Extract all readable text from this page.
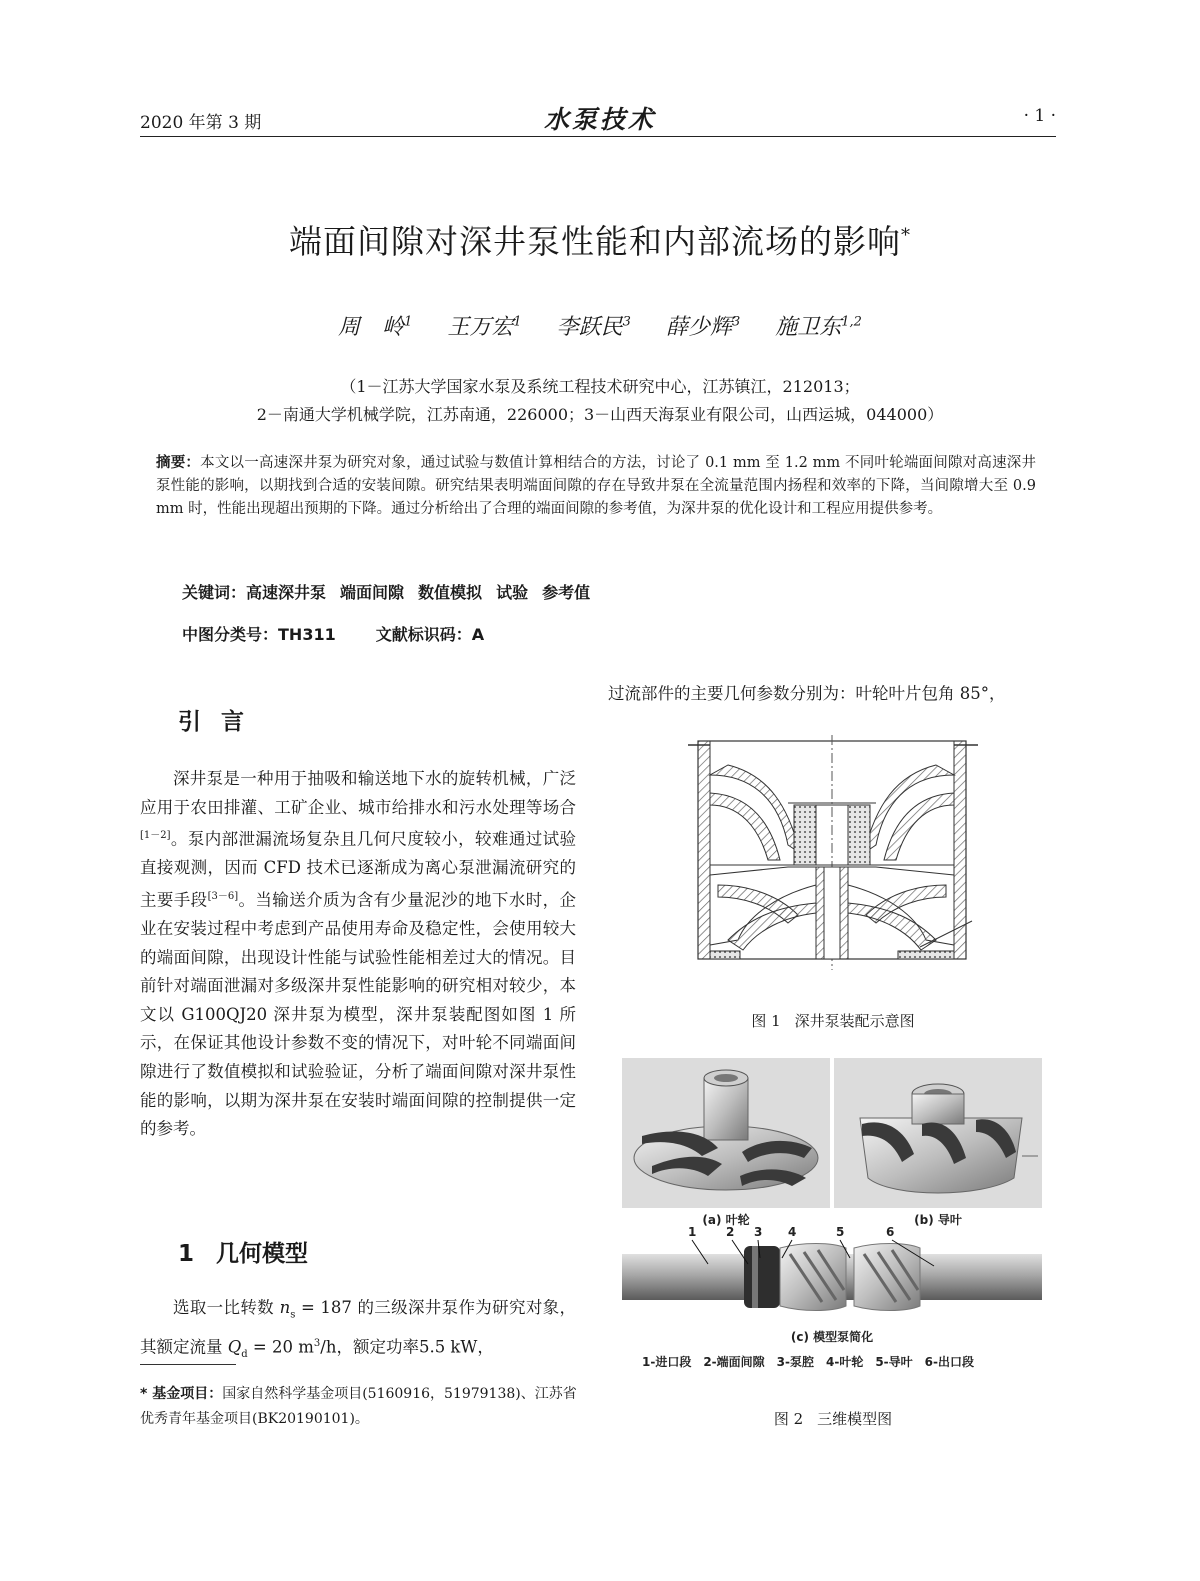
2020 年第 3 期	水泵技术	· 1 ·
端面间隙对深井泵性能和内部流场的影响*
周　岭$^1$ 王万宏$^1$ 李跃民$^3$ 薛少辉$^3$ 施卫东$^{1,2}$
（1－江苏大学国家水泵及系统工程技术研究中心，江苏镇江，212013；
2－南通大学机械学院，江苏南通，226000；3－山西天海泵业有限公司，山西运城，044000）
摘要：本文以一高速深井泵为研究对象，通过试验与数值计算相结合的方法，讨论了 0.1 mm 至 1.2 mm 不同叶轮端面间隙对高速深井泵性能的影响，以期找到合适的安装间隙。研究结果表明端面间隙的存在导致井泵在全流量范围内扬程和效率的下降，当间隙增大至 0.9 mm 时，性能出现超出预期的下降。通过分析给出了合理的端面间隙的参考值，为深井泵的优化设计和工程应用提供参考。
关键词：高速深井泵 端面间隙 数值模拟 试验 参考值
中图分类号：TH311	文献标识码：A
引言

深井泵是一种用于抽吸和输送地下水的旋转机械，广泛应用于农田排灌、工矿企业、城市给排水和污水处理等场合[1－2]。泵内部泄漏流场复杂且几何尺度较小，较难通过试验直接观测，因而 CFD 技术已逐渐成为离心泵泄漏流研究的主要手段[3－6]。当输送介质为含有少量泥沙的地下水时，企业在安装过程中考虑到产品使用寿命及稳定性，会使用较大的端面间隙，出现设计性能与试验性能相差过大的情况。目前针对端面泄漏对多级深井泵性能影响的研究相对较少，本文以 G100QJ20 深井泵为模型，深井泵装配图如图 1 所示，在保证其他设计参数不变的情况下，对叶轮不同端面间隙进行了数值模拟和试验验证，分析了端面间隙对深井泵性能的影响，以期为深井泵在安装时端面间隙的控制提供一定的参考。

1 几何模型

选取一比转数 $n_s = 187$ 的三级深井泵作为研究对象，其额定流量 $Q_d = 20$ $m^3/h$，额定功率5.5 kW，

* 基金项目：国家自然科学基金项目(5160916，51979138)、江苏省优秀青年基金项目(BK20190101)。
过流部件的主要几何参数分别为：叶轮叶片包角 85°，
图 1 深井泵装配示意图
(a) 叶轮	(b) 导叶
1 2 3 4	5	6
(c) 模型泵简化
1-进口段　2-端面间隙　3-泵腔　4-叶轮　5-导叶　6-出口段
图 2 三维模型图
